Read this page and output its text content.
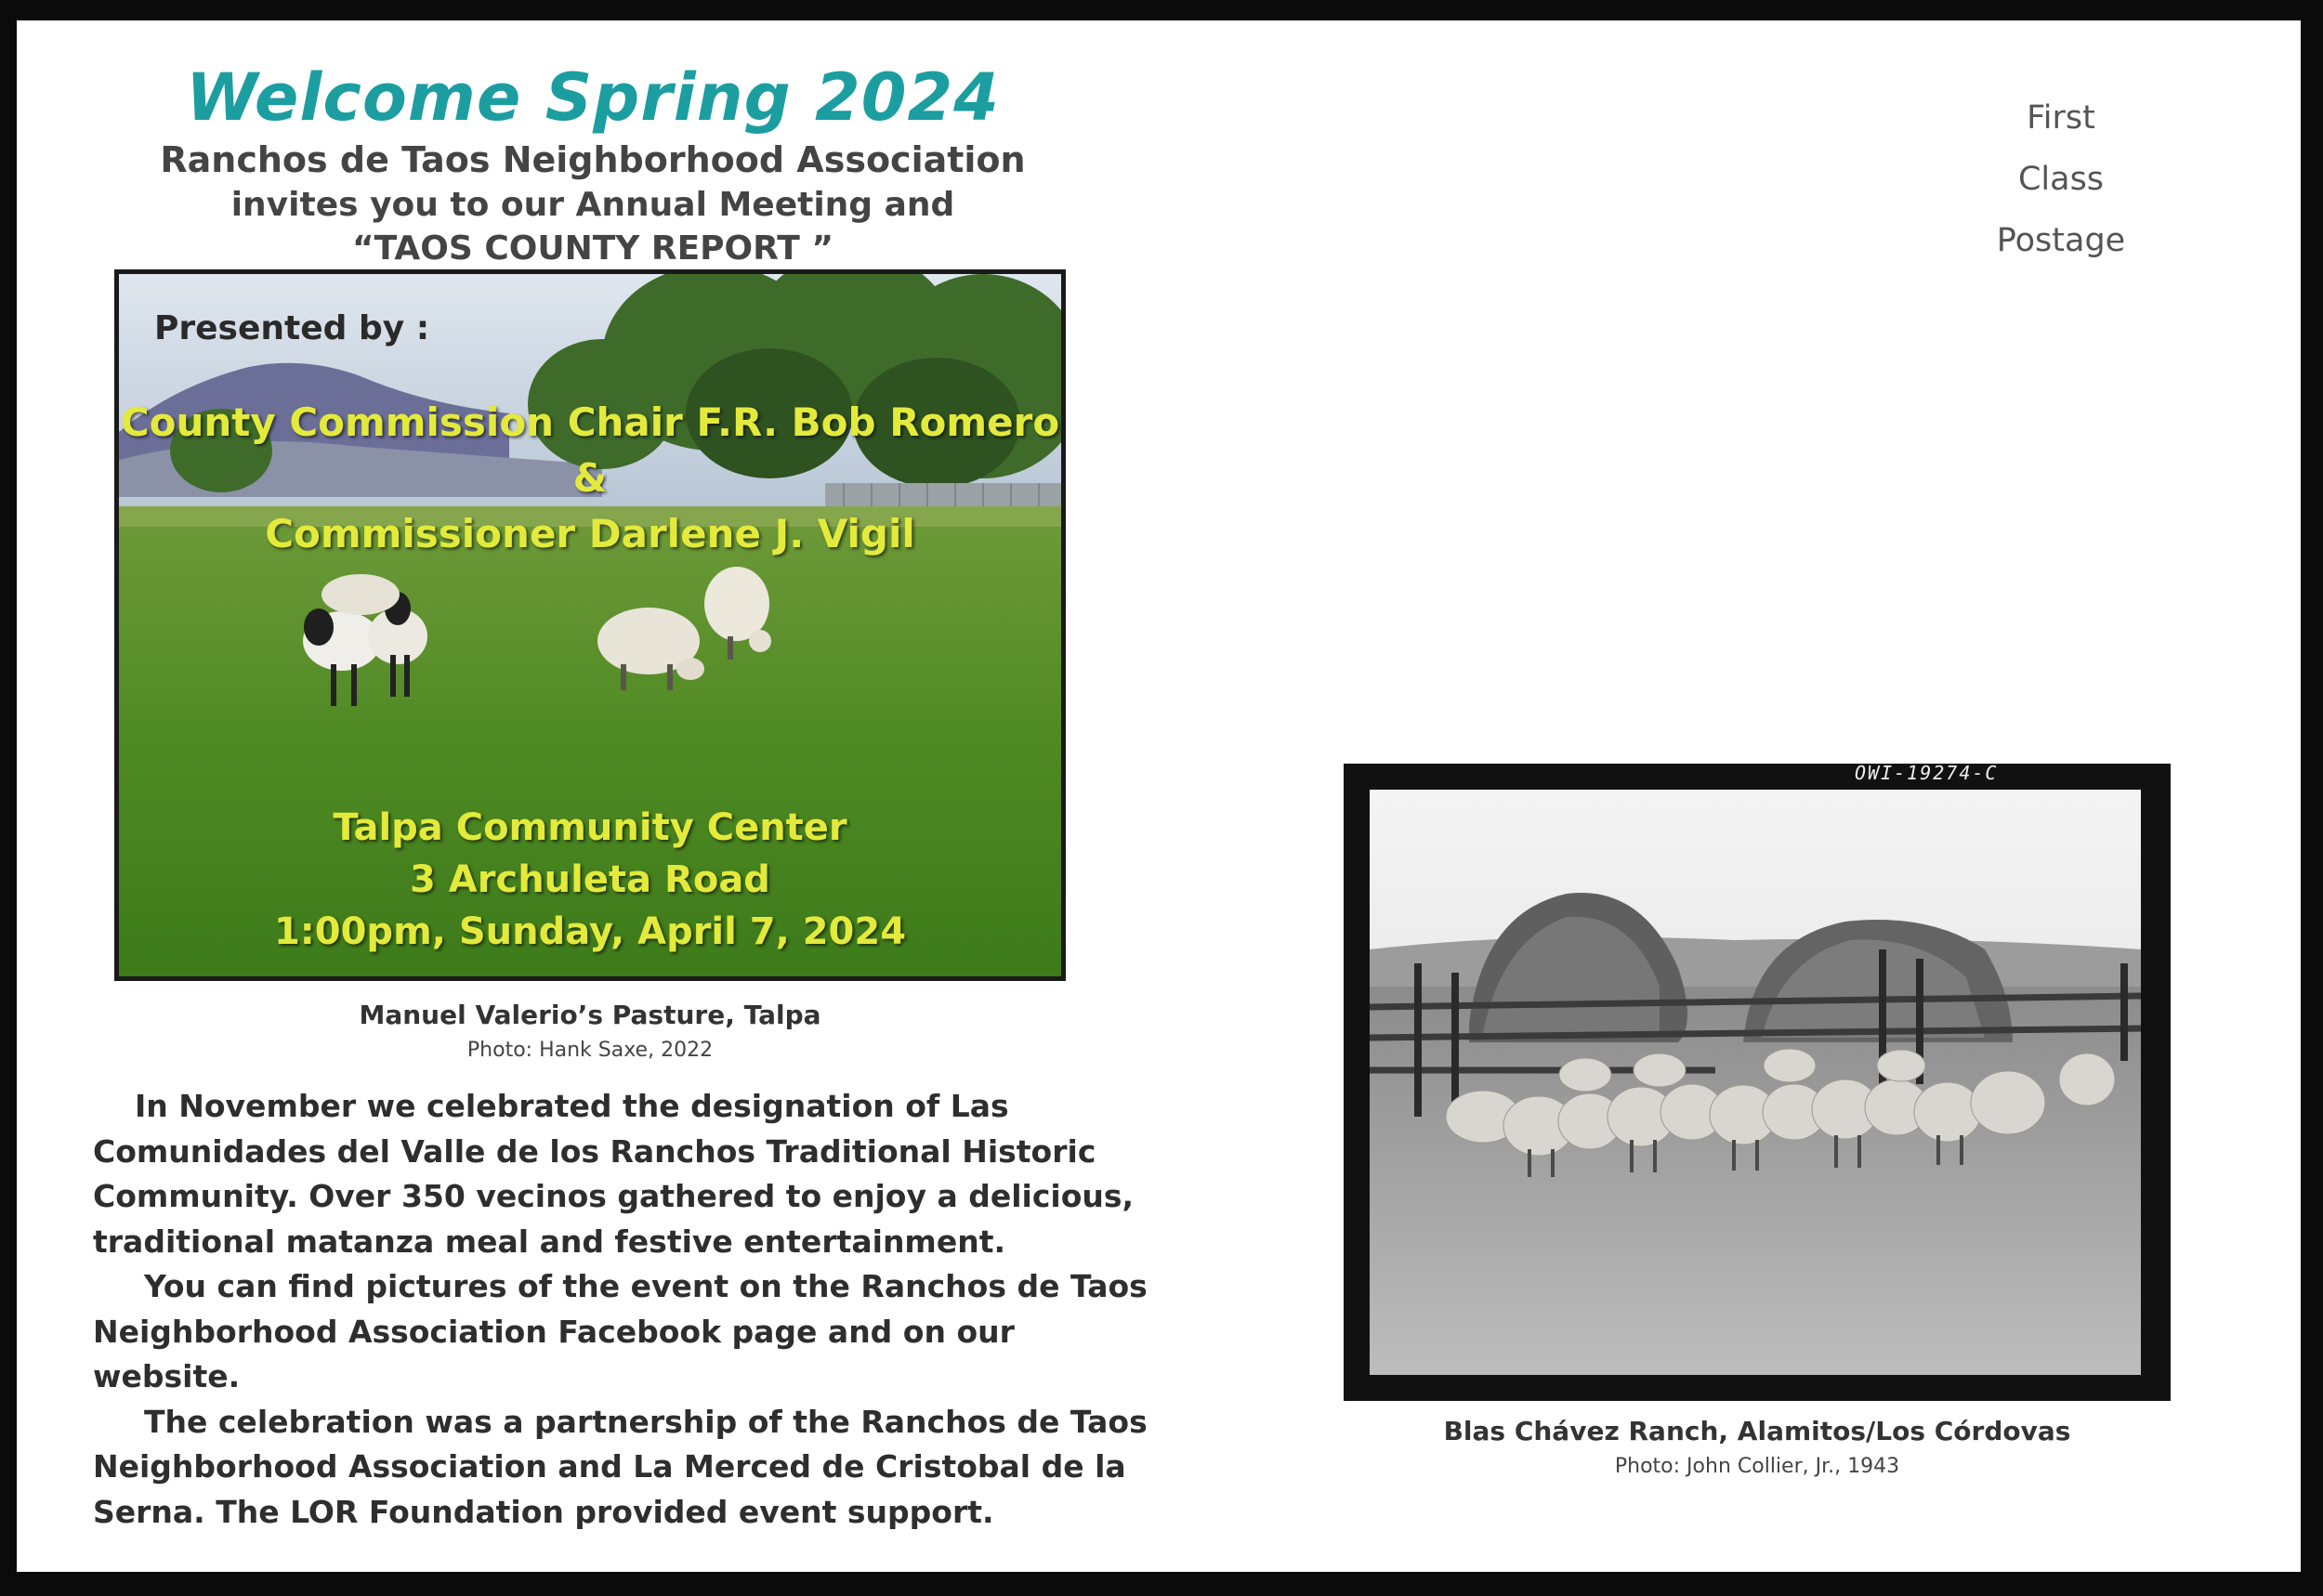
Welcome Spring 2024
Ranchos de Taos Neighborhood Association
invites you to our Annual Meeting and
“TAOS COUNTY REPORT ”
Presented by :
County Commission Chair F.R. Bob Romero &
Commissioner Darlene J. Vigil
Talpa Community Center
3 Archuleta Road
1:00pm, Sunday, April 7, 2024
Manuel Valerio’s Pasture, Talpa
Photo: Hank Saxe, 2022

In November we celebrated the designation of Las Comunidades del Valle de los Ranchos Traditional Historic Community. Over 350 vecinos gathered to enjoy a delicious, traditional matanza meal and festive entertainment.

You can find pictures of the event on the Ranchos de Taos Neighborhood Association Facebook page and on our website.

The celebration was a partnership of the Ranchos de Taos Neighborhood Association and La Merced de Cristobal de la Serna. The LOR Foundation provided event support.

First
Class
Postage
OWI-19274-C
Blas Chávez Ranch, Alamitos/Los Córdovas
Photo: John Collier, Jr., 1943
